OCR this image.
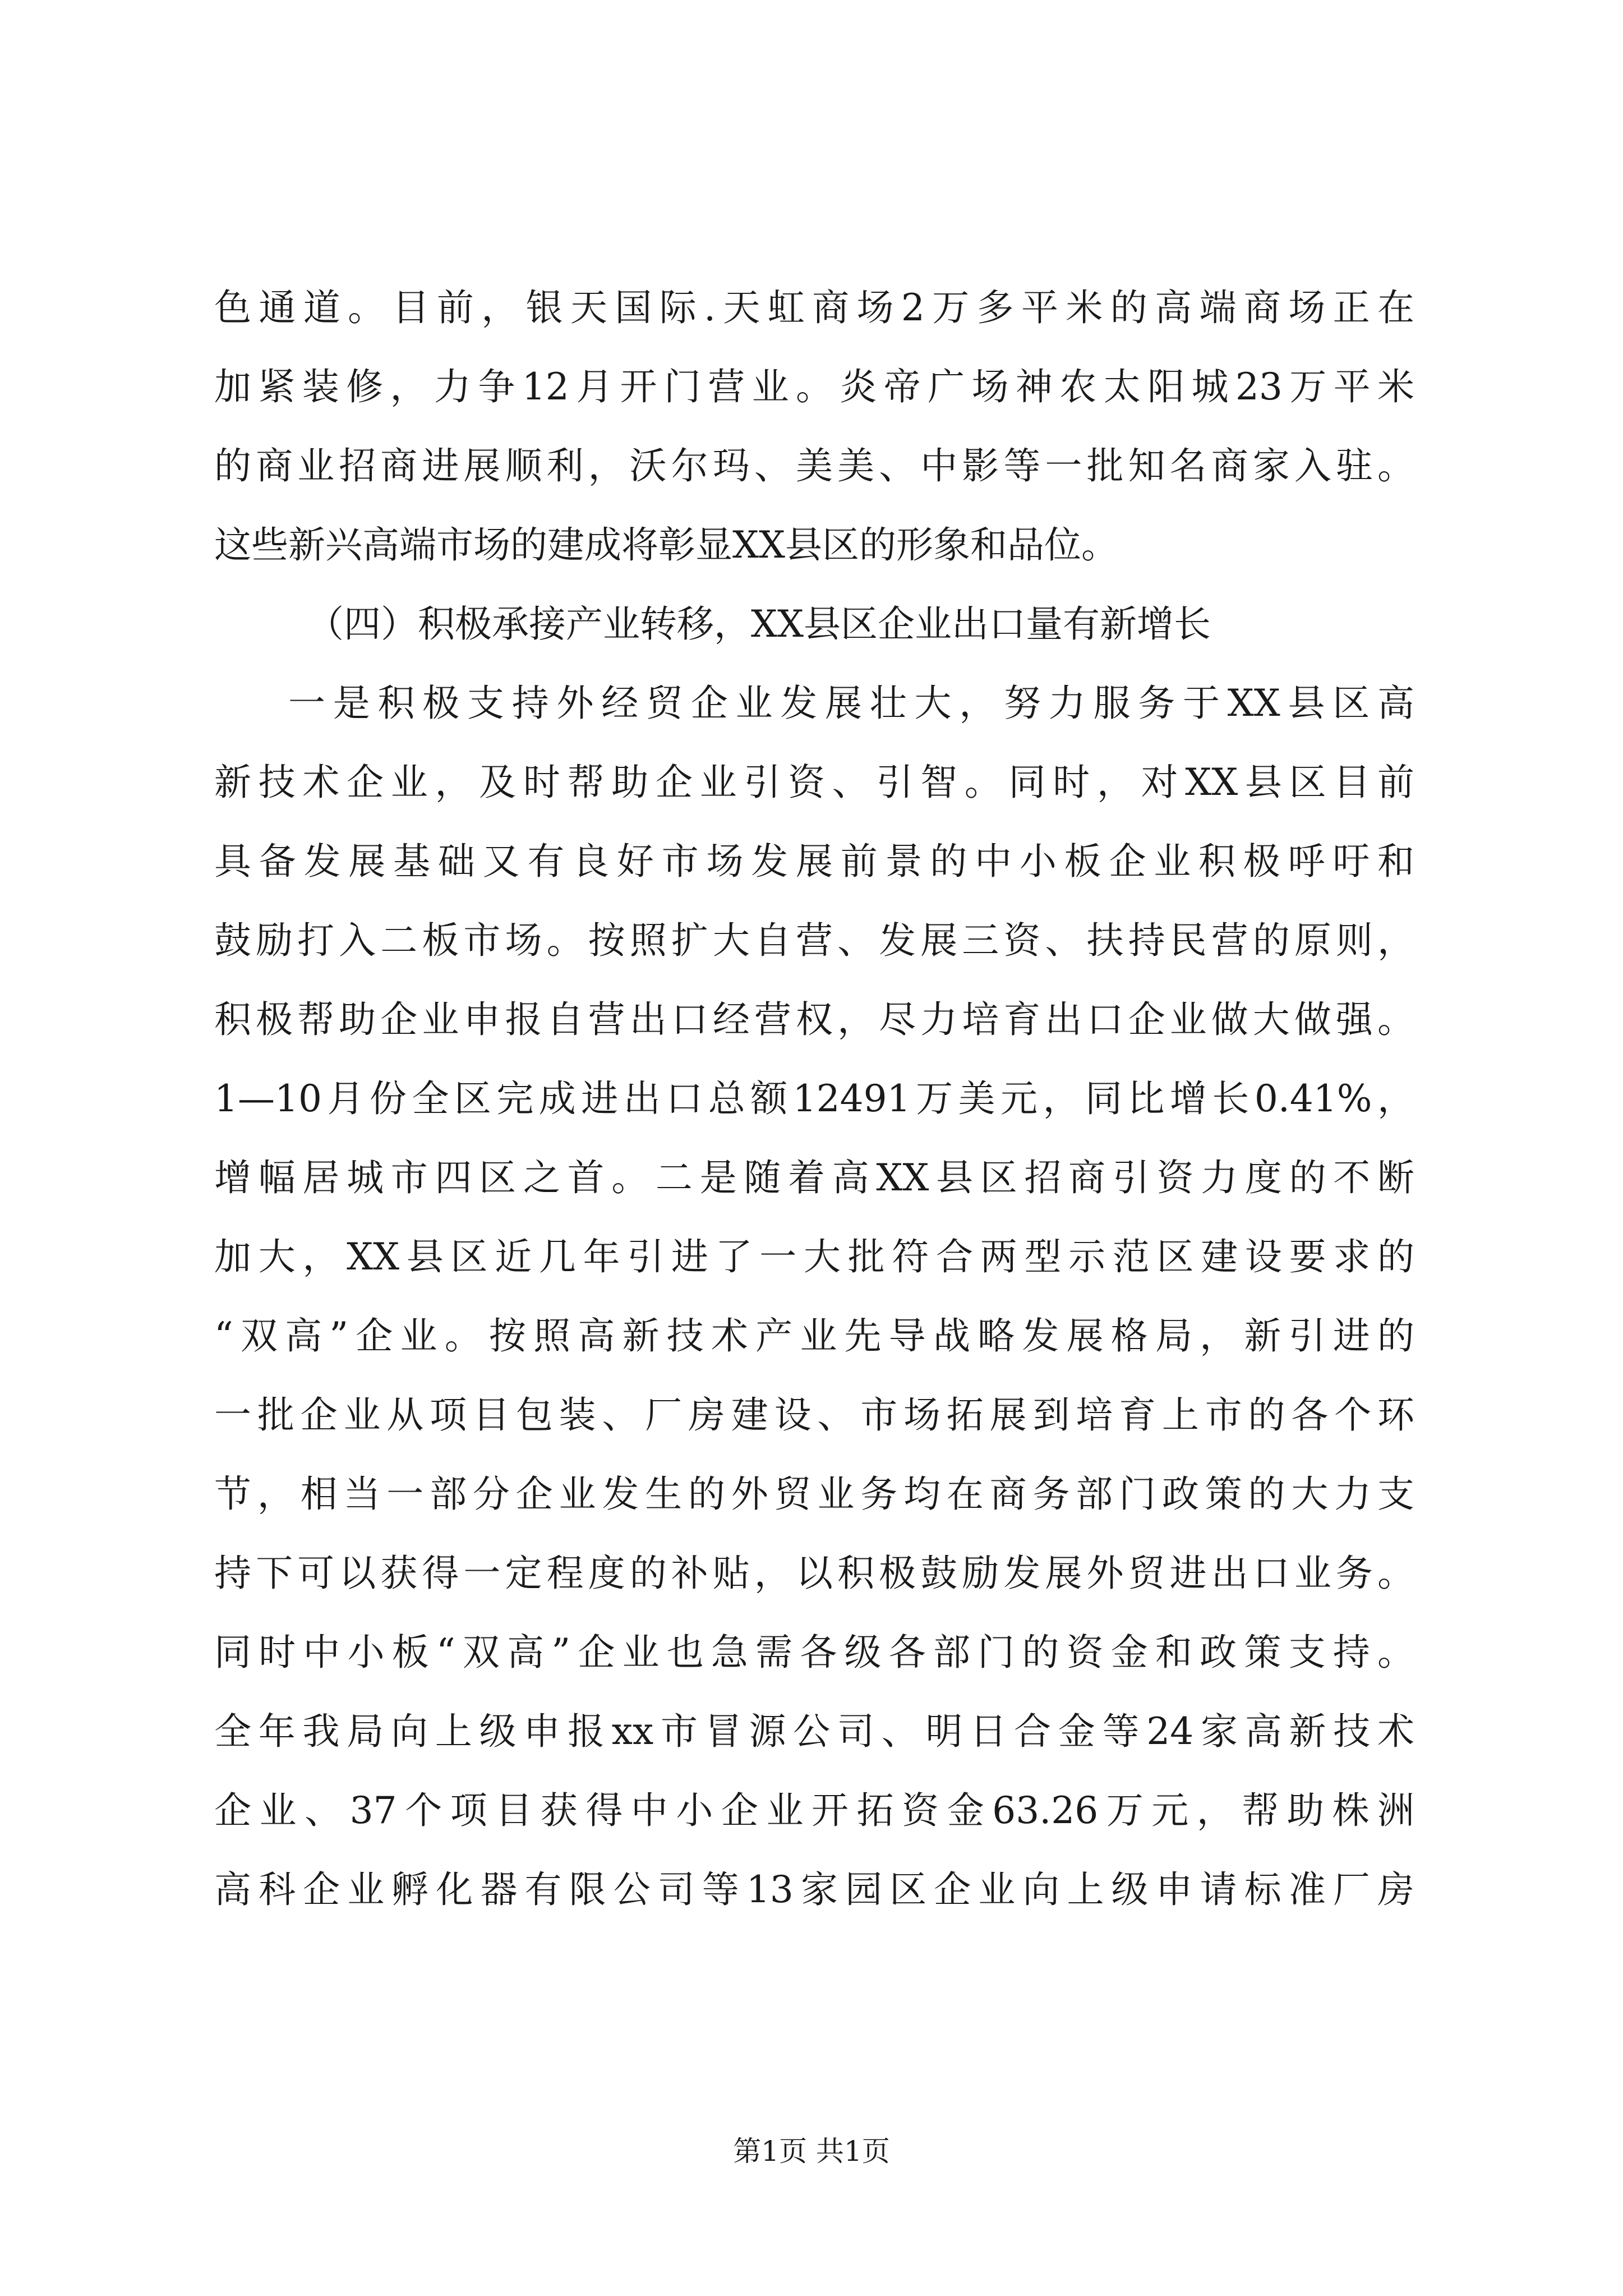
色通道。目前，银天国际.天虹商场2万多平米的高端商场正在
加紧装修，力争12月开门营业。炎帝广场神农太阳城23万平米
的商业招商进展顺利，沃尔玛、美美、中影等一批知名商家入驻。
这些新兴高端市场的建成将彰显XX县区的形象和品位。
（四）积极承接产业转移，XX县区企业出口量有新增长
一是积极支持外经贸企业发展壮大，努力服务于XX县区高
新技术企业，及时帮助企业引资、引智。同时，对XX县区目前
具备发展基础又有良好市场发展前景的中小板企业积极呼吁和
鼓励打入二板市场。按照扩大自营、发展三资、扶持民营的原则，
积极帮助企业申报自营出口经营权，尽力培育出口企业做大做强。
1—10月份全区完成进出口总额12491万美元，同比增长0.41%，
增幅居城市四区之首。二是随着高XX县区招商引资力度的不断
加大，XX县区近几年引进了一大批符合两型示范区建设要求的
“双高”企业。按照高新技术产业先导战略发展格局，新引进的
一批企业从项目包装、厂房建设、市场拓展到培育上市的各个环
节，相当一部分企业发生的外贸业务均在商务部门政策的大力支
持下可以获得一定程度的补贴，以积极鼓励发展外贸进出口业务。
同时中小板“双高”企业也急需各级各部门的资金和政策支持。
全年我局向上级申报xx市冒源公司、明日合金等24家高新技术
企业、37个项目获得中小企业开拓资金63.26万元，帮助株洲
高科企业孵化器有限公司等13家园区企业向上级申请标准厂房
第1页 共1页
